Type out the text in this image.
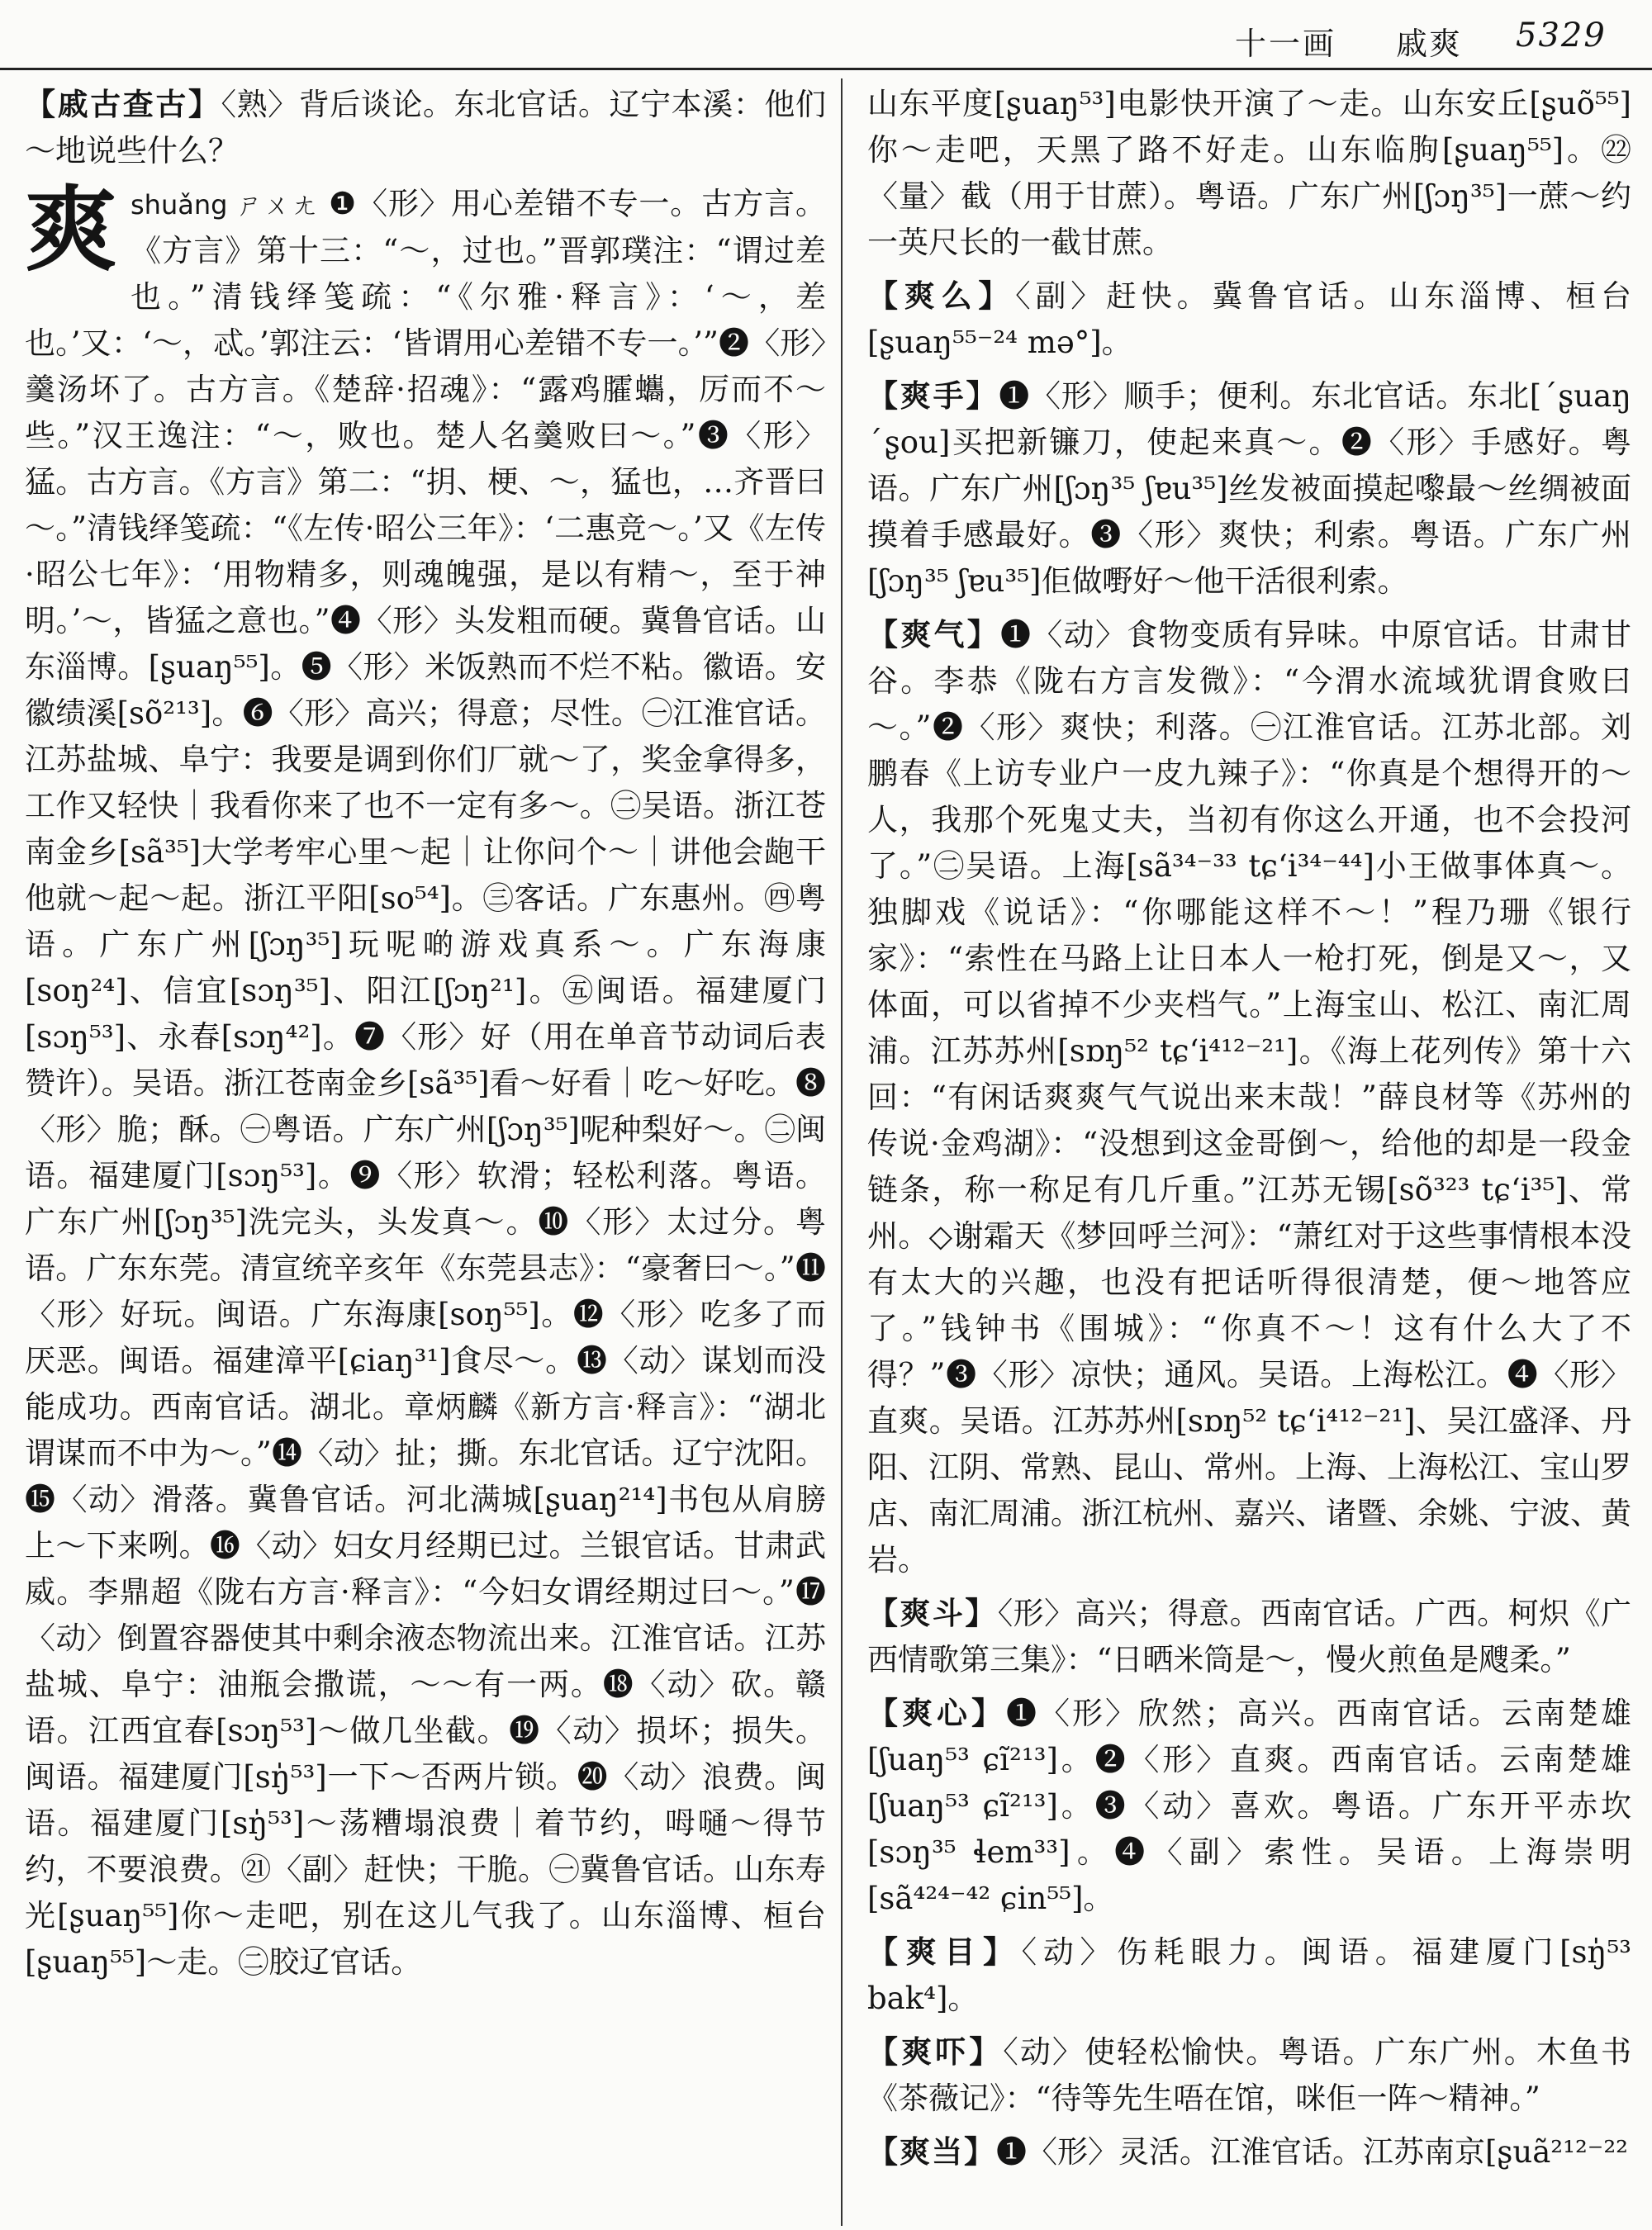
十一画 戚爽 5329

【戚古查古】〈熟〉背后谈论。东北官话。辽宁本溪：他们～地说些什么？

爽 shuǎng ㄕㄨㄤ ❶〈形〉用心差错不专一。古方言。《方言》第十三：“～，过也。”晋郭璞注：“谓过差也。”清钱绎笺疏：“《尔雅·释言》：‘～，差也。’又：‘～，忒。’郭注云：‘皆谓用心差错不专一。’”❷〈形〉羹汤坏了。古方言。《楚辞·招魂》：“露鸡臛蠵，厉而不～些。”汉王逸注：“～，败也。楚人名羹败曰～。”❸〈形〉猛。古方言。《方言》第二：“抈、梗、～，猛也，…齐晋曰～。”清钱绎笺疏：“《左传·昭公三年》：‘二惠竞～。’又《左传·昭公七年》：‘用物精多，则魂魄强，是以有精～，至于神明。’～，皆猛之意也。”❹〈形〉头发粗而硬。冀鲁官话。山东淄博。[ʂuaŋ⁵⁵]。❺〈形〉米饭熟而不烂不粘。徽语。安徽绩溪[sõ²¹³]。❻〈形〉高兴；得意；尽性。㊀江淮官话。江苏盐城、阜宁：我要是调到你们厂就～了，奖金拿得多，工作又轻快｜我看你来了也不一定有多～。㊁吴语。浙江苍南金乡[sã³⁵]大学考牢心里～起｜让你问个～｜讲他会龅干他就～起～起。浙江平阳[so⁵⁴]。㊂客话。广东惠州。㊃粤语。广东广州[ʃɔŋ³⁵]玩呢啲游戏真系～。广东海康[soŋ²⁴]、信宜[sɔŋ³⁵]、阳江[ʃɔŋ²¹]。㊄闽语。福建厦门[sɔŋ⁵³]、永春[sɔŋ⁴²]。❼〈形〉好（用在单音节动词后表赞许）。吴语。浙江苍南金乡[sã³⁵]看～好看｜吃～好吃。❽〈形〉脆；酥。㊀粤语。广东广州[ʃɔŋ³⁵]呢种梨好～。㊁闽语。福建厦门[sɔŋ⁵³]。❾〈形〉软滑；轻松利落。粤语。广东广州[ʃɔŋ³⁵]洗完头，头发真～。❿〈形〉太过分。粤语。广东东莞。清宣统辛亥年《东莞县志》：“豪奢曰～。”⓫〈形〉好玩。闽语。广东海康[soŋ⁵⁵]。⓬〈形〉吃多了而厌恶。闽语。福建漳平[ɕiaŋ³¹]食尽～。⓭〈动〉谋划而没能成功。西南官话。湖北。章炳麟《新方言·释言》：“湖北谓谋而不中为～。”⓮〈动〉扯；撕。东北官话。辽宁沈阳。⓯〈动〉滑落。冀鲁官话。河北满城[ʂuaŋ²¹⁴]书包从肩膀上～下来咧。⓰〈动〉妇女月经期已过。兰银官话。甘肃武威。李鼎超《陇右方言·释言》：“今妇女谓经期过曰～。”⓱〈动〉倒置容器使其中剩余液态物流出来。江淮官话。江苏盐城、阜宁：油瓶会撒谎，～～有一两。⓲〈动〉砍。赣语。江西宜春[sɔŋ⁵³]～做几坐截。⓳〈动〉损坏；损失。闽语。福建厦门[sŋ̍⁵³]一下～否两片锁。⓴〈动〉浪费。闽语。福建厦门[sŋ̍⁵³]～荡糟塌浪费｜着节约，呣嗵～得节约，不要浪费。㉑〈副〉赶快；干脆。㊀冀鲁官话。山东寿光[ʂuaŋ⁵⁵]你～走吧，别在这儿气我了。山东淄博、桓台[ʂuaŋ⁵⁵]～走。㊁胶辽官话。

山东平度[ʂuaŋ⁵³]电影快开演了～走。山东安丘[ʂuõ⁵⁵]你～走吧，天黑了路不好走。山东临朐[ʂuaŋ⁵⁵]。㉒〈量〉截（用于甘蔗）。粤语。广东广州[ʃɔŋ³⁵]一蔗～约一英尺长的一截甘蔗。

【爽么】〈副〉赶快。冀鲁官话。山东淄博、桓台[ʂuaŋ⁵⁵⁻²⁴ mə°]。

【爽手】❶〈形〉顺手；便利。东北官话。东北[ˊʂuaŋ ˊʂou]买把新镰刀，使起来真～。❷〈形〉手感好。粤语。广东广州[ʃɔŋ³⁵ ʃɐu³⁵]丝发被面摸起嚟最～丝绸被面摸着手感最好。❸〈形〉爽快；利索。粤语。广东广州[ʃɔŋ³⁵ ʃɐu³⁵]佢做嘢好～他干活很利索。

【爽气】❶〈动〉食物变质有异味。中原官话。甘肃甘谷。李恭《陇右方言发微》：“今渭水流域犹谓食败曰～。”❷〈形〉爽快；利落。㊀江淮官话。江苏北部。刘鹏春《上访专业户一皮九辣子》：“你真是个想得开的～人，我那个死鬼丈夫，当初有你这么开通，也不会投河了。”㊁吴语。上海[sã³⁴⁻³³ tɕʻi³⁴⁻⁴⁴]小王做事体真～。独脚戏《说话》：“你哪能这样不～！”程乃珊《银行家》：“索性在马路上让日本人一枪打死，倒是又～，又体面，可以省掉不少夹档气。”上海宝山、松江、南汇周浦。江苏苏州[sɒŋ⁵² tɕʻi⁴¹²⁻²¹]。《海上花列传》第十六回：“有闲话爽爽气气说出来末哉！”薛良材等《苏州的传说·金鸡湖》：“没想到这金哥倒～，给他的却是一段金链条，称一称足有几斤重。”江苏无锡[sõ³²³ tɕʻi³⁵]、常州。◇谢霜天《梦回呼兰河》：“萧红对于这些事情根本没有太大的兴趣，也没有把话听得很清楚，便～地答应了。”钱钟书《围城》：“你真不～！这有什么大了不得？”❸〈形〉凉快；通风。吴语。上海松江。❹〈形〉直爽。吴语。江苏苏州[sɒŋ⁵² tɕʻi⁴¹²⁻²¹]、吴江盛泽、丹阳、江阴、常熟、昆山、常州。上海、上海松江、宝山罗店、南汇周浦。浙江杭州、嘉兴、诸暨、余姚、宁波、黄岩。

【爽斗】〈形〉高兴；得意。西南官话。广西。柯炽《广西情歌第三集》：“日晒米筒是～，慢火煎鱼是飕柔。”

【爽心】❶〈形〉欣然；高兴。西南官话。云南楚雄[ʃuaŋ⁵³ ɕĩ²¹³]。❷〈形〉直爽。西南官话。云南楚雄[ʃuaŋ⁵³ ɕĩ²¹³]。❸〈动〉喜欢。粤语。广东开平赤坎[sɔŋ³⁵ ɬem³³]。❹〈副〉索性。吴语。上海崇明[sã⁴²⁴⁻⁴² ɕin⁵⁵]。

【爽目】〈动〉伤耗眼力。闽语。福建厦门[sŋ̍⁵³ bak⁴]。

【爽吓】〈动〉使轻松愉快。粤语。广东广州。木鱼书《茶薇记》：“待等先生唔在馆，咪佢一阵～精神。”

【爽当】❶〈形〉灵活。江淮官话。江苏南京[ʂuã²¹²⁻²²
